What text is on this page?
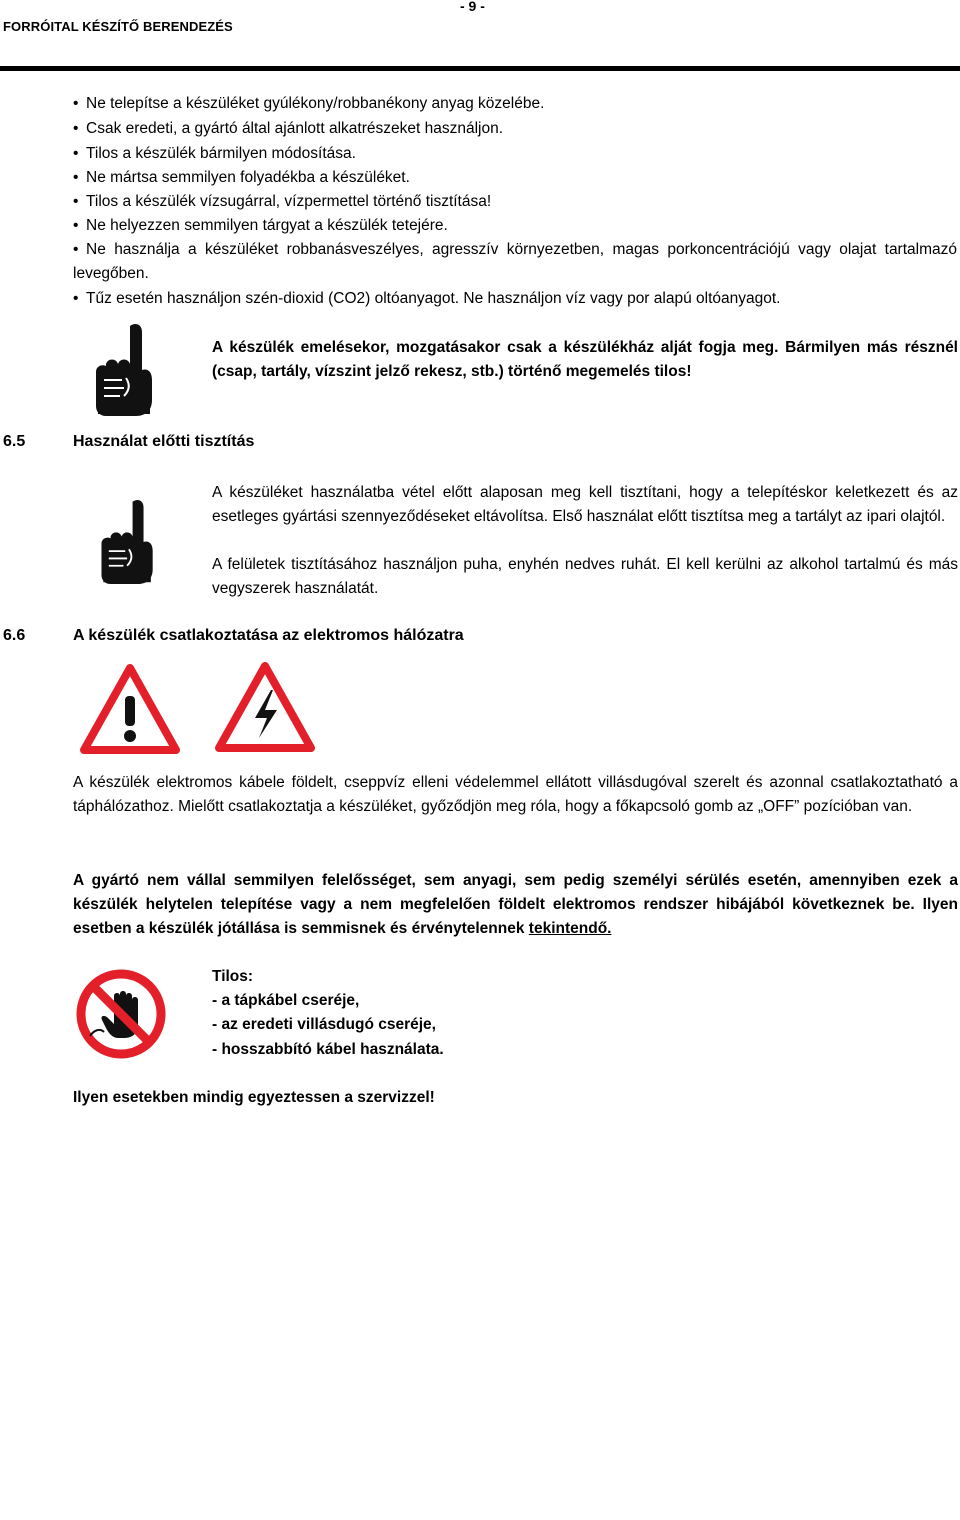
- 9 -
FORRÓITAL KÉSZÍTŐ BERENDEZÉS
• Ne telepítse a készüléket gyúlékony/robbanékony anyag közelébe.
• Csak eredeti, a gyártó által ajánlott alkatrészeket használjon.
• Tilos a készülék bármilyen módosítása.
• Ne mártsa semmilyen folyadékba a készüléket.
• Tilos a készülék vízsugárral, vízpermettel történő tisztítása!
• Ne helyezzen semmilyen tárgyat a készülék tetejére.
• Ne használja a készüléket robbanásveszélyes, agresszív környezetben, magas porkoncentrációjú vagy olajat tartalmazó levegőben.
• Tűz esetén használjon szén-dioxid (CO2) oltóanyagot. Ne használjon víz vagy por alapú oltóanyagot.
A készülék emelésekor, mozgatásakor csak a készülékház alját fogja meg. Bármilyen más résznél (csap, tartály, vízszint jelző rekesz, stb.) történő megemelés tilos!
6.5	Használat előtti tisztítás
A készüléket használatba vétel előtt alaposan meg kell tisztítani, hogy a telepítéskor keletkezett és az esetleges gyártási szennyeződéseket eltávolítsa. Első használat előtt tisztítsa meg a tartályt az ipari olajtól.
A felületek tisztításához használjon puha, enyhén nedves ruhát. El kell kerülni az alkohol tartalmú és más vegyszerek használatát.
6.6	A készülék csatlakoztatása az elektromos hálózatra
A készülék elektromos kábele földelt, cseppvíz elleni védelemmel ellátott villásdugóval szerelt és azonnal csatlakoztatható a táphálózathoz. Mielőtt csatlakoztatja a készüléket, győződjön meg róla, hogy a főkapcsoló gomb az „OFF” pozícióban van.
A gyártó nem vállal semmilyen felelősséget, sem anyagi, sem pedig személyi sérülés esetén, amennyiben ezek a készülék helytelen telepítése vagy a nem megfelelően földelt elektromos rendszer hibájából következnek be. Ilyen esetben a készülék jótállása is semmisnek és érvénytelennek tekintendő.
Tilos:
- a tápkábel cseréje,
- az eredeti villásdugó cseréje,
- hosszabbító kábel használata.
Ilyen esetekben mindig egyeztessen a szervizzel!
